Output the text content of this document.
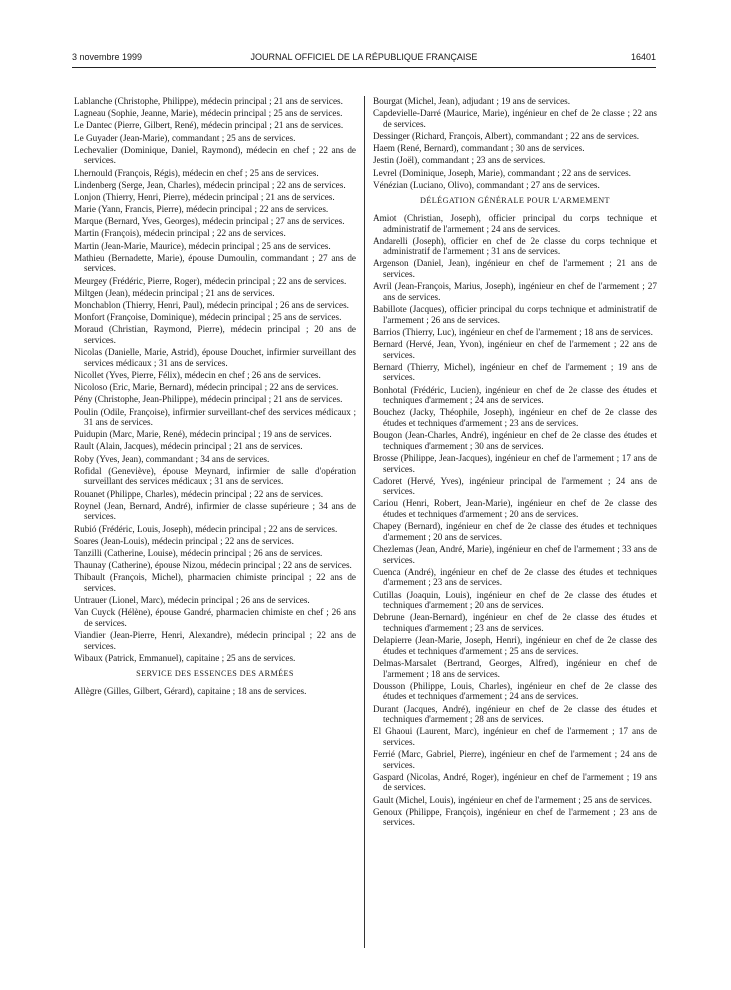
3 novembre 1999	JOURNAL OFFICIEL DE LA RÉPUBLIQUE FRANÇAISE	16401

Lablanche (Christophe, Philippe), médecin principal ; 21 ans de services.

Lagneau (Sophie, Jeanne, Marie), médecin principal ; 25 ans de services.

Le Dantec (Pierre, Gilbert, René), médecin principal ; 21 ans de services.

Le Guyader (Jean-Marie), commandant ; 25 ans de services.

Lechevalier (Dominique, Daniel, Raymond), médecin en chef ; 22 ans de services.

Lhernould (François, Régis), médecin en chef ; 25 ans de services.

Lindenberg (Serge, Jean, Charles), médecin principal ; 22 ans de services.

Lonjon (Thierry, Henri, Pierre), médecin principal ; 21 ans de services.

Marie (Yann, Francis, Pierre), médecin principal ; 22 ans de services.

Marque (Bernard, Yves, Georges), médecin principal ; 27 ans de services.

Martin (François), médecin principal ; 22 ans de services.

Martin (Jean-Marie, Maurice), médecin principal ; 25 ans de services.

Mathieu (Bernadette, Marie), épouse Dumoulin, commandant ; 27 ans de services.

Meurgey (Frédéric, Pierre, Roger), médecin principal ; 22 ans de services.

Miltgen (Jean), médecin principal ; 21 ans de services.

Monchablon (Thierry, Henri, Paul), médecin principal ; 26 ans de services.

Monfort (Françoise, Dominique), médecin principal ; 25 ans de services.

Moraud (Christian, Raymond, Pierre), médecin principal ; 20 ans de services.

Nicolas (Danielle, Marie, Astrid), épouse Douchet, infirmier surveillant des services médicaux ; 31 ans de services.

Nicollet (Yves, Pierre, Félix), médecin en chef ; 26 ans de services.

Nicoloso (Eric, Marie, Bernard), médecin principal ; 22 ans de services.

Pény (Christophe, Jean-Philippe), médecin principal ; 21 ans de services.

Poulin (Odile, Françoise), infirmier surveillant-chef des services médicaux ; 31 ans de services.

Puidupin (Marc, Marie, René), médecin principal ; 19 ans de services.

Rault (Alain, Jacques), médecin principal ; 21 ans de services.

Roby (Yves, Jean), commandant ; 34 ans de services.

Rofidal (Geneviève), épouse Meynard, infirmier de salle d'opération surveillant des services médicaux ; 31 ans de services.

Rouanet (Philippe, Charles), médecin principal ; 22 ans de services.

Roynel (Jean, Bernard, André), infirmier de classe supérieure ; 34 ans de services.

Rubió (Frédéric, Louis, Joseph), médecin principal ; 22 ans de services.

Soares (Jean-Louis), médecin principal ; 22 ans de services.

Tanzilli (Catherine, Louise), médecin principal ; 26 ans de services.

Thaunay (Catherine), épouse Nizou, médecin principal ; 22 ans de services.

Thibault (François, Michel), pharmacien chimiste principal ; 22 ans de services.

Untrauer (Lionel, Marc), médecin principal ; 26 ans de services.

Van Cuyck (Hélène), épouse Gandré, pharmacien chimiste en chef ; 26 ans de services.

Viandier (Jean-Pierre, Henri, Alexandre), médecin principal ; 22 ans de services.

Wibaux (Patrick, Emmanuel), capitaine ; 25 ans de services.

SERVICE DES ESSENCES DES ARMÉES

Allègre (Gilles, Gilbert, Gérard), capitaine ; 18 ans de services.

Bourgat (Michel, Jean), adjudant ; 19 ans de services.

Capdevielle-Darré (Maurice, Marie), ingénieur en chef de 2e classe ; 22 ans de services.

Dessinger (Richard, François, Albert), commandant ; 22 ans de services.

Haem (René, Bernard), commandant ; 30 ans de services.

Jestin (Joël), commandant ; 23 ans de services.

Levrel (Dominique, Joseph, Marie), commandant ; 22 ans de services.

Vénézian (Luciano, Olivo), commandant ; 27 ans de services.

DÉLÉGATION GÉNÉRALE POUR L'ARMEMENT

Amiot (Christian, Joseph), officier principal du corps technique et administratif de l'armement ; 24 ans de services.

Andarelli (Joseph), officier en chef de 2e classe du corps technique et administratif de l'armement ; 31 ans de services.

Argenson (Daniel, Jean), ingénieur en chef de l'armement ; 21 ans de services.

Avril (Jean-François, Marius, Joseph), ingénieur en chef de l'armement ; 27 ans de services.

Babillote (Jacques), officier principal du corps technique et administratif de l'armement ; 26 ans de services.

Barrios (Thierry, Luc), ingénieur en chef de l'armement ; 18 ans de services.

Bernard (Hervé, Jean, Yvon), ingénieur en chef de l'armement ; 22 ans de services.

Bernard (Thierry, Michel), ingénieur en chef de l'armement ; 19 ans de services.

Bonhotal (Frédéric, Lucien), ingénieur en chef de 2e classe des études et techniques d'armement ; 24 ans de services.

Bouchez (Jacky, Théophile, Joseph), ingénieur en chef de 2e classe des études et techniques d'armement ; 23 ans de services.

Bougon (Jean-Charles, André), ingénieur en chef de 2e classe des études et techniques d'armement ; 30 ans de services.

Brosse (Philippe, Jean-Jacques), ingénieur en chef de l'armement ; 17 ans de services.

Cadoret (Hervé, Yves), ingénieur principal de l'armement ; 24 ans de services.

Cariou (Henri, Robert, Jean-Marie), ingénieur en chef de 2e classe des études et techniques d'armement ; 20 ans de services.

Chapey (Bernard), ingénieur en chef de 2e classe des études et techniques d'armement ; 20 ans de services.

Chezlemas (Jean, André, Marie), ingénieur en chef de l'armement ; 33 ans de services.

Cuenca (André), ingénieur en chef de 2e classe des études et techniques d'armement ; 23 ans de services.

Cutillas (Joaquin, Louis), ingénieur en chef de 2e classe des études et techniques d'armement ; 20 ans de services.

Debrune (Jean-Bernard), ingénieur en chef de 2e classe des études et techniques d'armement ; 23 ans de services.

Delapierre (Jean-Marie, Joseph, Henri), ingénieur en chef de 2e classe des études et techniques d'armement ; 25 ans de services.

Delmas-Marsalet (Bertrand, Georges, Alfred), ingénieur en chef de l'armement ; 18 ans de services.

Dousson (Philippe, Louis, Charles), ingénieur en chef de 2e classe des études et techniques d'armement ; 24 ans de services.

Durant (Jacques, André), ingénieur en chef de 2e classe des études et techniques d'armement ; 28 ans de services.

El Ghaoui (Laurent, Marc), ingénieur en chef de l'armement ; 17 ans de services.

Ferrié (Marc, Gabriel, Pierre), ingénieur en chef de l'armement ; 24 ans de services.

Gaspard (Nicolas, André, Roger), ingénieur en chef de l'armement ; 19 ans de services.

Gault (Michel, Louis), ingénieur en chef de l'armement ; 25 ans de services.

Genoux (Philippe, François), ingénieur en chef de l'armement ; 23 ans de services.
